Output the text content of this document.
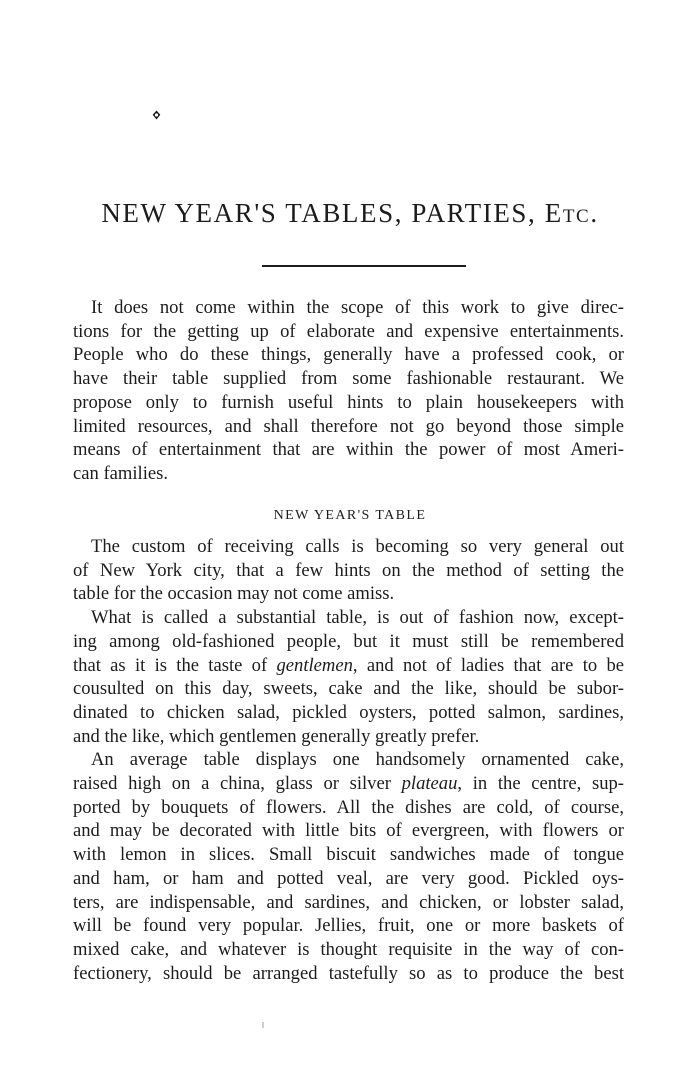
NEW YEAR'S TABLES, PARTIES, Etc.
It does not come within the scope of this work to give direc-
tions for the getting up of elaborate and expensive entertainments.
People who do these things, generally have a professed cook, or
have their table supplied from some fashionable restaurant. We
propose only to furnish useful hints to plain housekeepers with
limited resources, and shall therefore not go beyond those simple
means of entertainment that are within the power of most Ameri-
can families.
NEW YEAR'S TABLE
The custom of receiving calls is becoming so very general out
of New York city, that a few hints on the method of setting the
table for the occasion may not come amiss.
What is called a substantial table, is out of fashion now, except-
ing among old-fashioned people, but it must still be remembered
that as it is the taste of gentlemen, and not of ladies that are to be
cousulted on this day, sweets, cake and the like, should be subor-
dinated to chicken salad, pickled oysters, potted salmon, sardines,
and the like, which gentlemen generally greatly prefer.
An average table displays one handsomely ornamented cake,
raised high on a china, glass or silver plateau, in the centre, sup-
ported by bouquets of flowers. All the dishes are cold, of course,
and may be decorated with little bits of evergreen, with flowers or
with lemon in slices. Small biscuit sandwiches made of tongue
and ham, or ham and potted veal, are very good. Pickled oys-
ters, are indispensable, and sardines, and chicken, or lobster salad,
will be found very popular. Jellies, fruit, one or more baskets of
mixed cake, and whatever is thought requisite in the way of con-
fectionery, should be arranged tastefully so as to produce the best
